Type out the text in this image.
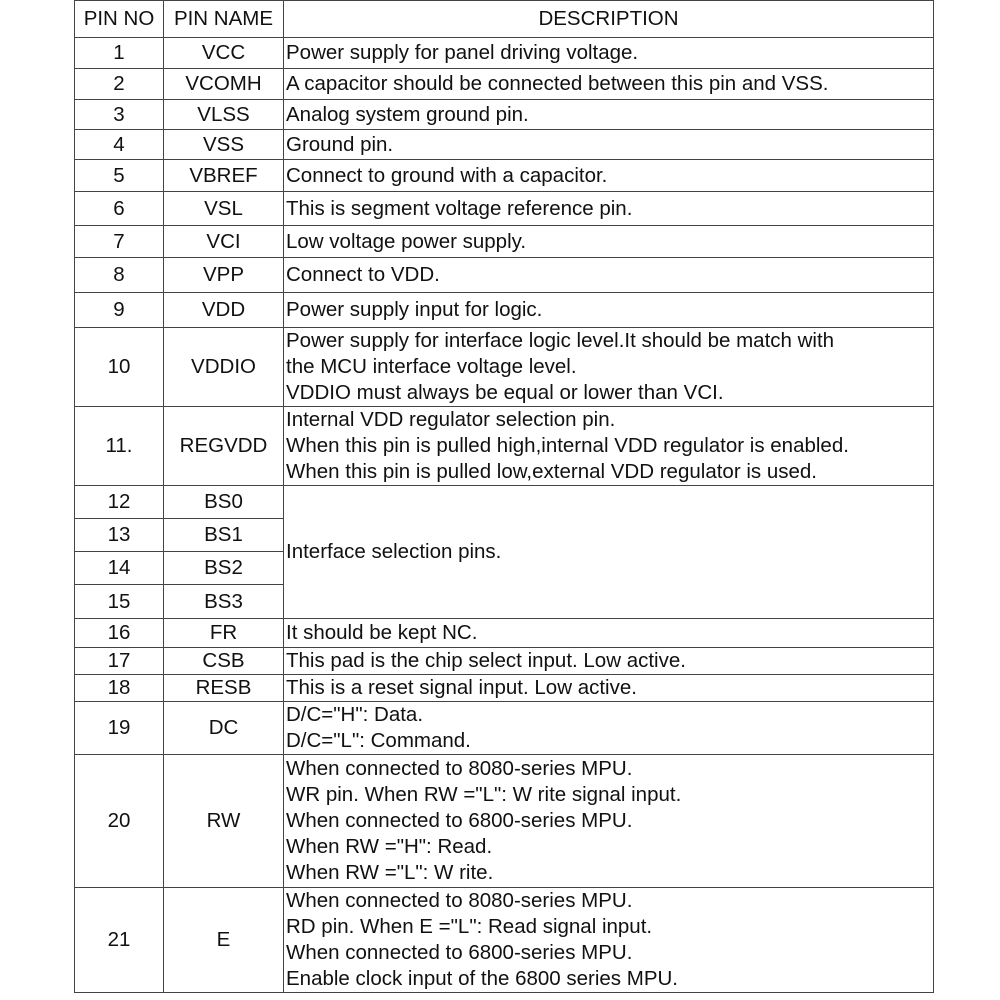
PIN NO	PIN NAME	DESCRIPTION
1	VCC	Power supply for panel driving voltage.

2	VCOMH	A capacitor should be connected between this pin and VSS.

3	VLSS	Analog system ground pin.

4	VSS	Ground pin.

5	VBREF	Connect to ground with a capacitor.

6	VSL	This is segment voltage reference pin.

7	VCI	Low voltage power supply.

8	VPP	Connect to VDD.

9	VDD	Power supply input for logic.

10	VDDIO	Power supply for interface logic level.It should be match with
the MCU interface voltage level.
VDDIO must always be equal or lower than VCI.

11.	REGVDD	Internal VDD regulator selection pin.
When this pin is pulled high,internal VDD regulator is enabled.
When this pin is pulled low,external VDD regulator is used.

12	BS0	Interface selection pins.

13	BS1	
14	BS2	
15	BS3	
16	FR	It should be kept NC.

17	CSB	This pad is the chip select input. Low active.

18	RESB	This is a reset signal input. Low active.

19	DC	D/C="H": Data.
D/C="L": Command.

20	RW	When connected to 8080-series MPU.
WR pin. When RW ="L": W rite signal input.
When connected to 6800-series MPU.
When RW ="H": Read.
When RW ="L": W rite.

21	E	When connected to 8080-series MPU.
RD pin. When E ="L": Read signal input.
When connected to 6800-series MPU.
Enable clock input of the 6800 series MPU.
